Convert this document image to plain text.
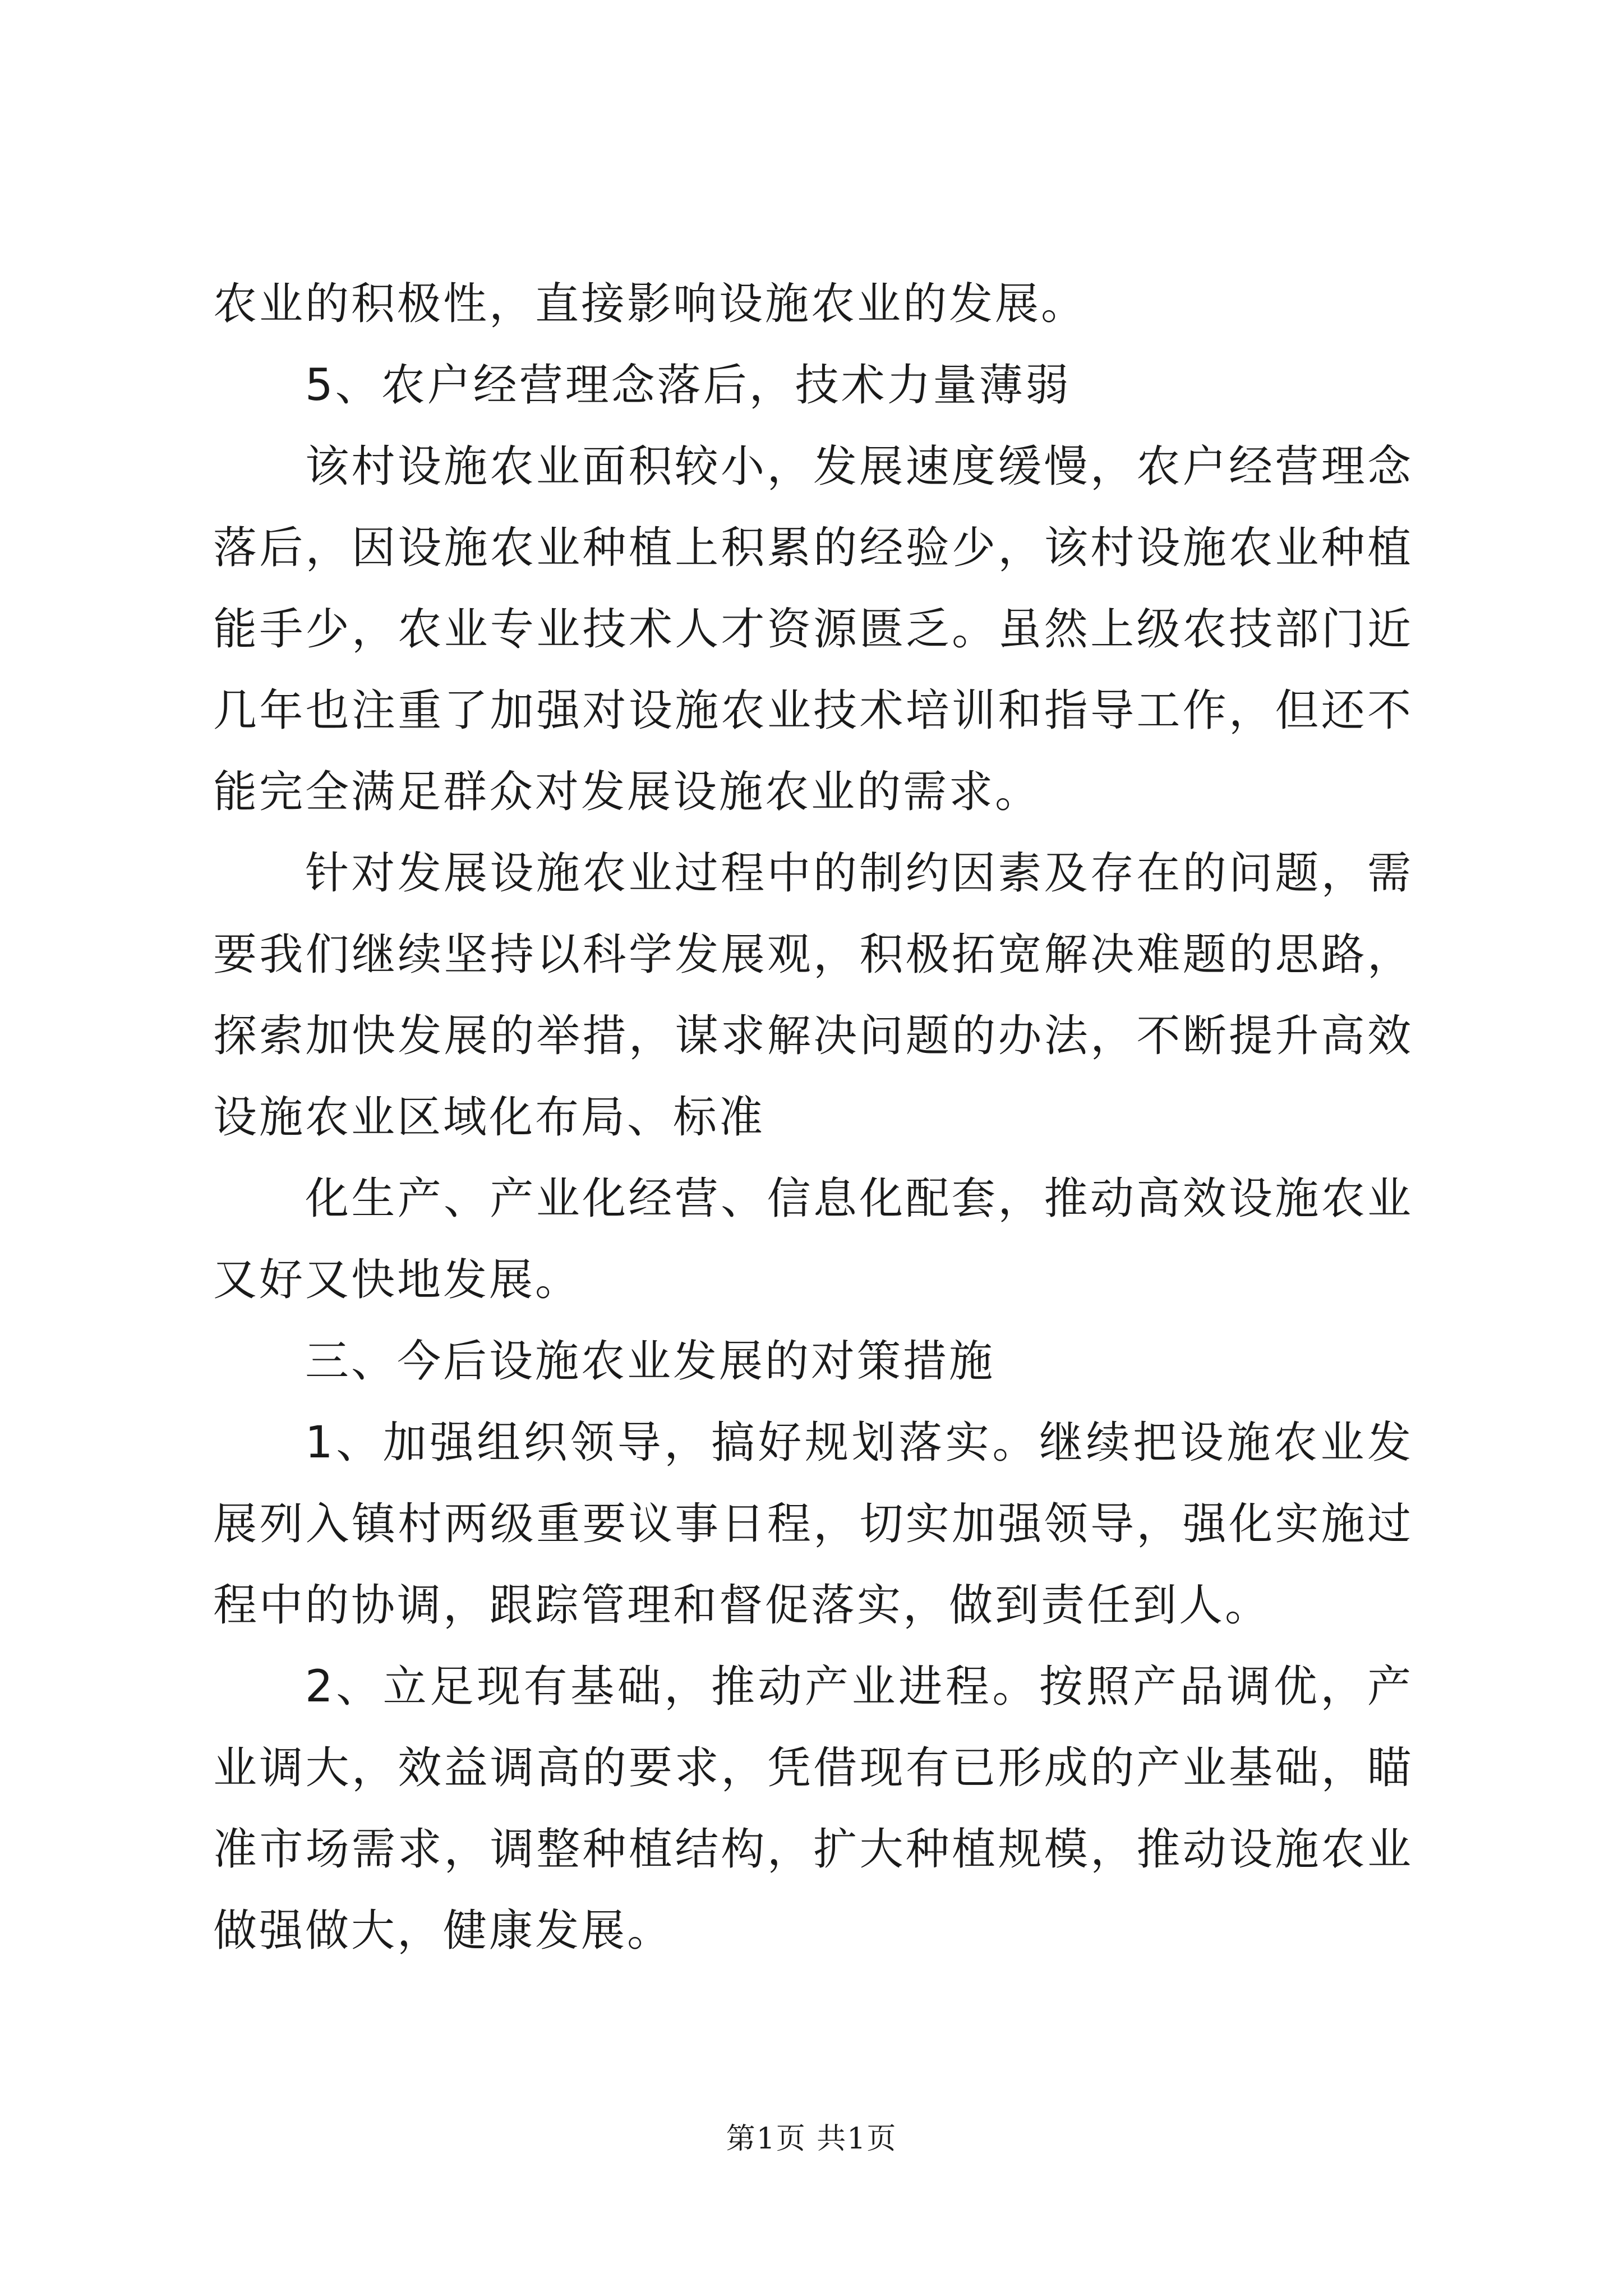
农业的积极性，直接影响设施农业的发展。

5、农户经营理念落后，技术力量薄弱

该村设施农业面积较小，发展速度缓慢，农户经营理念落后，因设施农业种植上积累的经验少，该村设施农业种植能手少，农业专业技术人才资源匮乏。虽然上级农技部门近几年也注重了加强对设施农业技术培训和指导工作，但还不能完全满足群众对发展设施农业的需求。

针对发展设施农业过程中的制约因素及存在的问题，需要我们继续坚持以科学发展观，积极拓宽解决难题的思路，探索加快发展的举措，谋求解决问题的办法，不断提升高效设施农业区域化布局、标准

化生产、产业化经营、信息化配套，推动高效设施农业又好又快地发展。

三、今后设施农业发展的对策措施

1、加强组织领导，搞好规划落实。继续把设施农业发展列入镇村两级重要议事日程，切实加强领导，强化实施过程中的协调，跟踪管理和督促落实，做到责任到人。

2、立足现有基础，推动产业进程。按照产品调优，产业调大，效益调高的要求，凭借现有已形成的产业基础，瞄准市场需求，调整种植结构，扩大种植规模，推动设施农业做强做大，健康发展。

第1页 共1页
